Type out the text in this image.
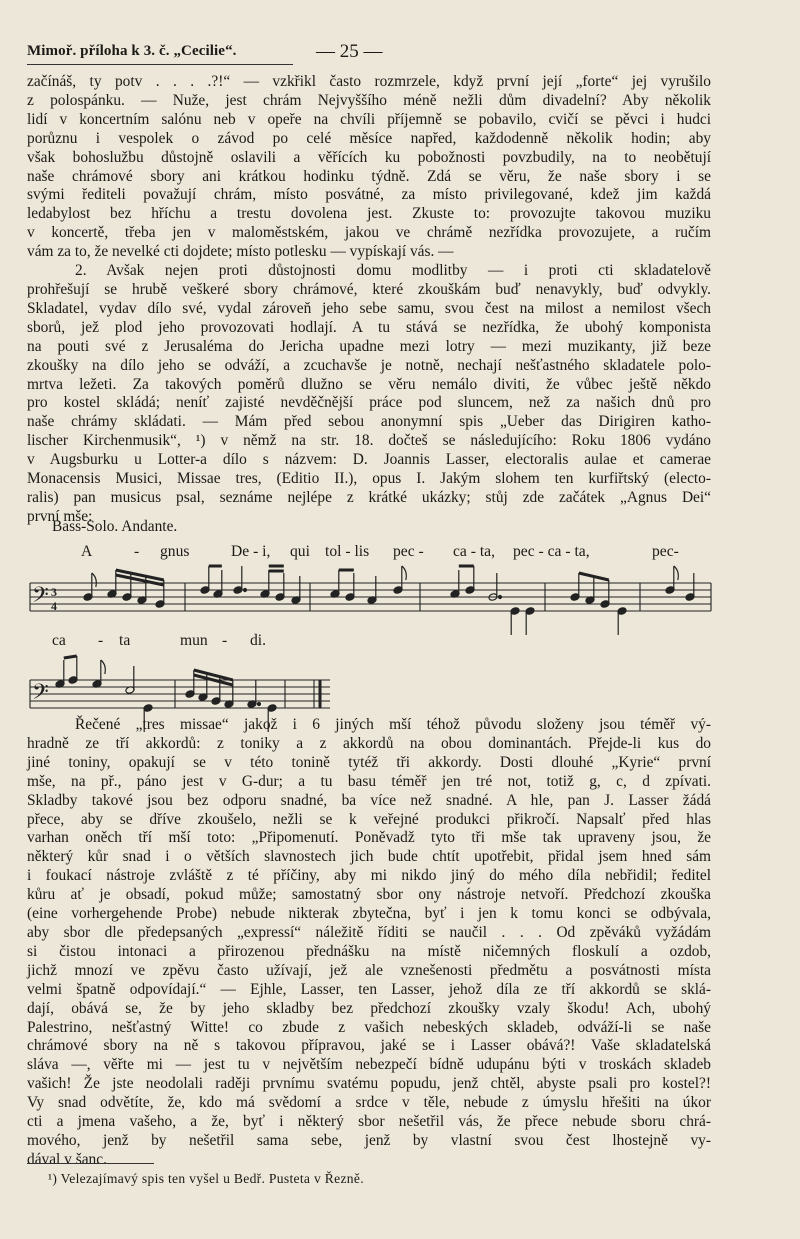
Mimoř. příloha k 3. č. „Cecilie“.	— 25 —
začínáš, ty potv . . . .?!“ — vzkřikl často rozmrzele, když první její „forte“ jej vyrušilo
z polospánku. — Nuže, jest chrám Nejvyššího méně nežli dům divadelní? Aby několik
lidí v koncertním salónu neb v opeře na chvíli příjemně se pobavilo, cvičí se pěvci i hudci
porůznu i vespolek o závod po celé měsíce napřed, každodenně několik hodin; aby
však bohoslužbu důstojně oslavili a věřících ku pobožnosti povzbudily, na to neobětují
naše chrámové sbory ani krátkou hodinku týdně. Zdá se věru, že naše sbory i se
svými řediteli považují chrám, místo posvátné, za místo privilegované, kdež jim každá
ledabylost bez hříchu a trestu dovolena jest. Zkuste to: provozujte takovou muziku
v koncertě, třeba jen v maloměstském, jakou ve chrámě nezřídka provozujete, a ručím
vám za to, že nevelké cti dojdete; místo potlesku — vypískají vás. —
2. Avšak nejen proti důstojnosti domu modlitby — i proti cti skladatelově
prohřešují se hrubě veškeré sbory chrámové, které zkouškám buď nenavykly, buď odvykly.
Skladatel, vydav dílo své, vydal zároveň jeho sebe samu, svou čest na milost a nemilost všech
sborů, jež plod jeho provozovati hodlají. A tu stává se nezřídka, že ubohý komponista
na pouti své z Jerusaléma do Jericha upadne mezi lotry — mezi muzikanty, již beze
zkoušky na dílo jeho se odváží, a zcuchavše je notně, nechají nešťastného skladatele polo-
mrtva ležeti. Za takových poměrů dlužno se věru nemálo diviti, že vůbec ještě někdo
pro kostel skládá; neníť zajisté nevděčnější práce pod sluncem, než za našich dnů pro
naše chrámy skládati. — Mám před sebou anonymní spis „Ueber das Dirigiren katho-
lischer Kirchenmusik“, ¹) v němž na str. 18. dočteš se následujícího: Roku 1806 vydáno
v Augsburku u Lotter-a dílo s názvem: D. Joannis Lasser, electoralis aulae et camerae
Monacensis Musici, Missae tres, (Editio II.), opus I. Jakým slohem ten kurfiřtský (electo-
ralis) pan musicus psal, seznáme nejlépe z krátké ukázky; stůj zde začátek „Agnus Dei“
první mše:
Bass-Solo. Andante.
A	- gnus	De - i, qui tol - lis pec - ca - ta, pec - ca - ta,	pec-
ca - ta	mun - di.
𝄢 3
4
𝄢
Řečené „tres missae“ jakož i 6 jiných mší téhož původu složeny jsou téměř vý-
hradně ze tří akkordů: z toniky a z akkordů na obou dominantách. Přejde-li kus do
jiné toniny, opakují se v této tonině tytéž tři akkordy. Dosti dlouhé „Kyrie“ první
mše, na př., páno jest v G-dur; a tu basu téměř jen tré not, totiž g, c, d zpívati.
Skladby takové jsou bez odporu snadné, ba více než snadné. A hle, pan J. Lasser žádá
přece, aby se dříve zkoušelo, nežli se k veřejné produkci přikročí. Napsalť před hlas
varhan oněch tří mší toto: „Připomenutí. Poněvadž tyto tři mše tak upraveny jsou, že
některý kůr snad i o větších slavnostech jich bude chtít upotřebit, přidal jsem hned sám
i foukací nástroje zvláště z té příčiny, aby mi nikdo jiný do mého díla nebřidil; ředitel
kůru ať je obsadí, pokud může; samostatný sbor ony nástroje netvoří. Předchozí zkouška
(eine vorhergehende Probe) nebude nikterak zbytečna, byť i jen k tomu konci se odbývala,
aby sbor dle předepsaných „expressí“ náležitě říditi se naučil . . . Od zpěváků vyžádám
si čistou intonaci a přirozenou přednášku na místě ničemných floskulí a ozdob,
jichž mnozí ve zpěvu často užívají, jež ale vznešenosti předmětu a posvátnosti místa
velmi špatně odpovídají.“ — Ejhle, Lasser, ten Lasser, jehož díla ze tří akkordů se sklá-
dají, obává se, že by jeho skladby bez předchozí zkoušky vzaly škodu! Ach, ubohý
Palestrino, nešťastný Witte! co zbude z vašich nebeských skladeb, odváží-li se naše
chrámové sbory na ně s takovou přípravou, jaké se i Lasser obává?! Vaše skladatelská
sláva —, věřte mi — jest tu v největším nebezpečí bídně udupánu býti v troskách skladeb
vašich! Že jste neodolali raději prvnímu svatému popudu, jenž chtěl, abyste psali pro kostel?!
Vy snad odvětíte, že, kdo má svědomí a srdce v těle, nebude z úmyslu hřešiti na úkor
cti a jmena vašeho, a že, byť i některý sbor nešetřil vás, že přece nebude sboru chrá-
mového, jenž by nešetřil sama sebe, jenž by vlastní svou čest lhostejně vy-
dával v šanc.
¹) Velezajímavý spis ten vyšel u Bedř. Pusteta v Řezně.
